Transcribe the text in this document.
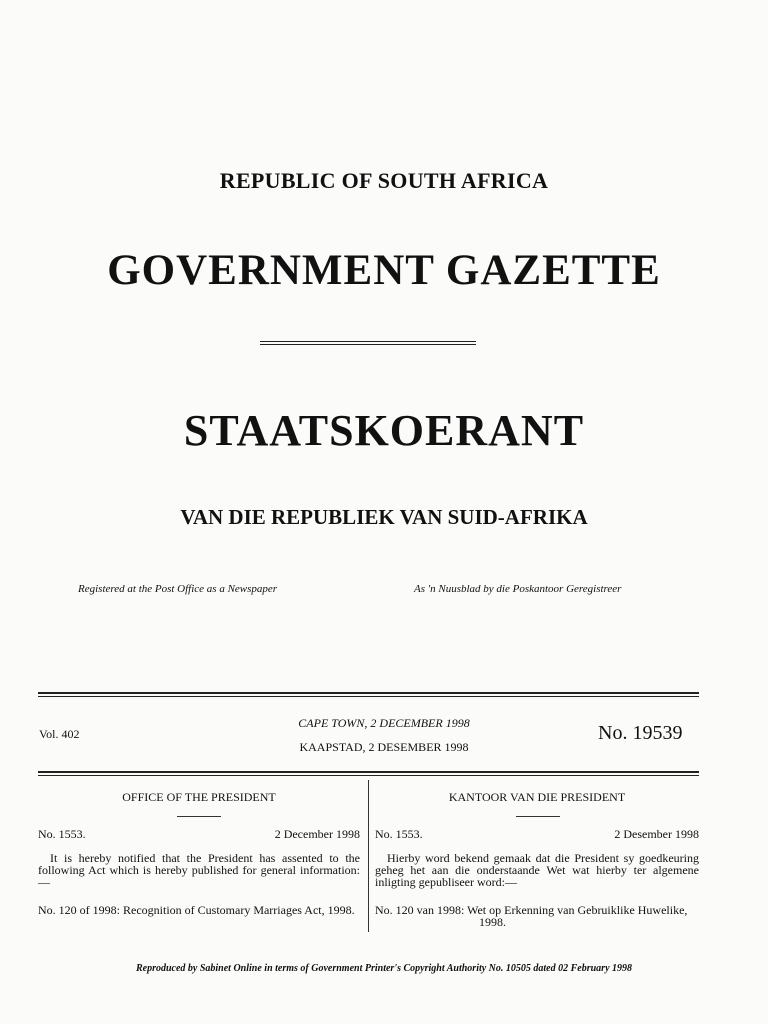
REPUBLIC OF SOUTH AFRICA
GOVERNMENT GAZETTE
STAATSKOERANT
VAN DIE REPUBLIEK VAN SUID-AFRIKA
Registered at the Post Office as a Newspaper	As 'n Nuusblad by die Poskantoor Geregistreer
Vol. 402
CAPE TOWN, 2 DECEMBER 1998
KAAPSTAD, 2 DESEMBER 1998
No. 19539
OFFICE OF THE PRESIDENT
No. 1553.	2 December 1998
It is hereby notified that the President has assented to the following Act which is hereby published for general information:—
No. 120 of 1998: Recognition of Customary Marriages Act, 1998.
KANTOOR VAN DIE PRESIDENT
No. 1553.	2 Desember 1998
Hierby word bekend gemaak dat die President sy goedkeuring geheg het aan die onderstaande Wet wat hierby ter algemene inligting gepubliseer word:—
No. 120 van 1998: Wet op Erkenning van Gebruiklike Huwelike, 1998.
Reproduced by Sabinet Online in terms of Government Printer's Copyright Authority No. 10505 dated 02 February 1998
